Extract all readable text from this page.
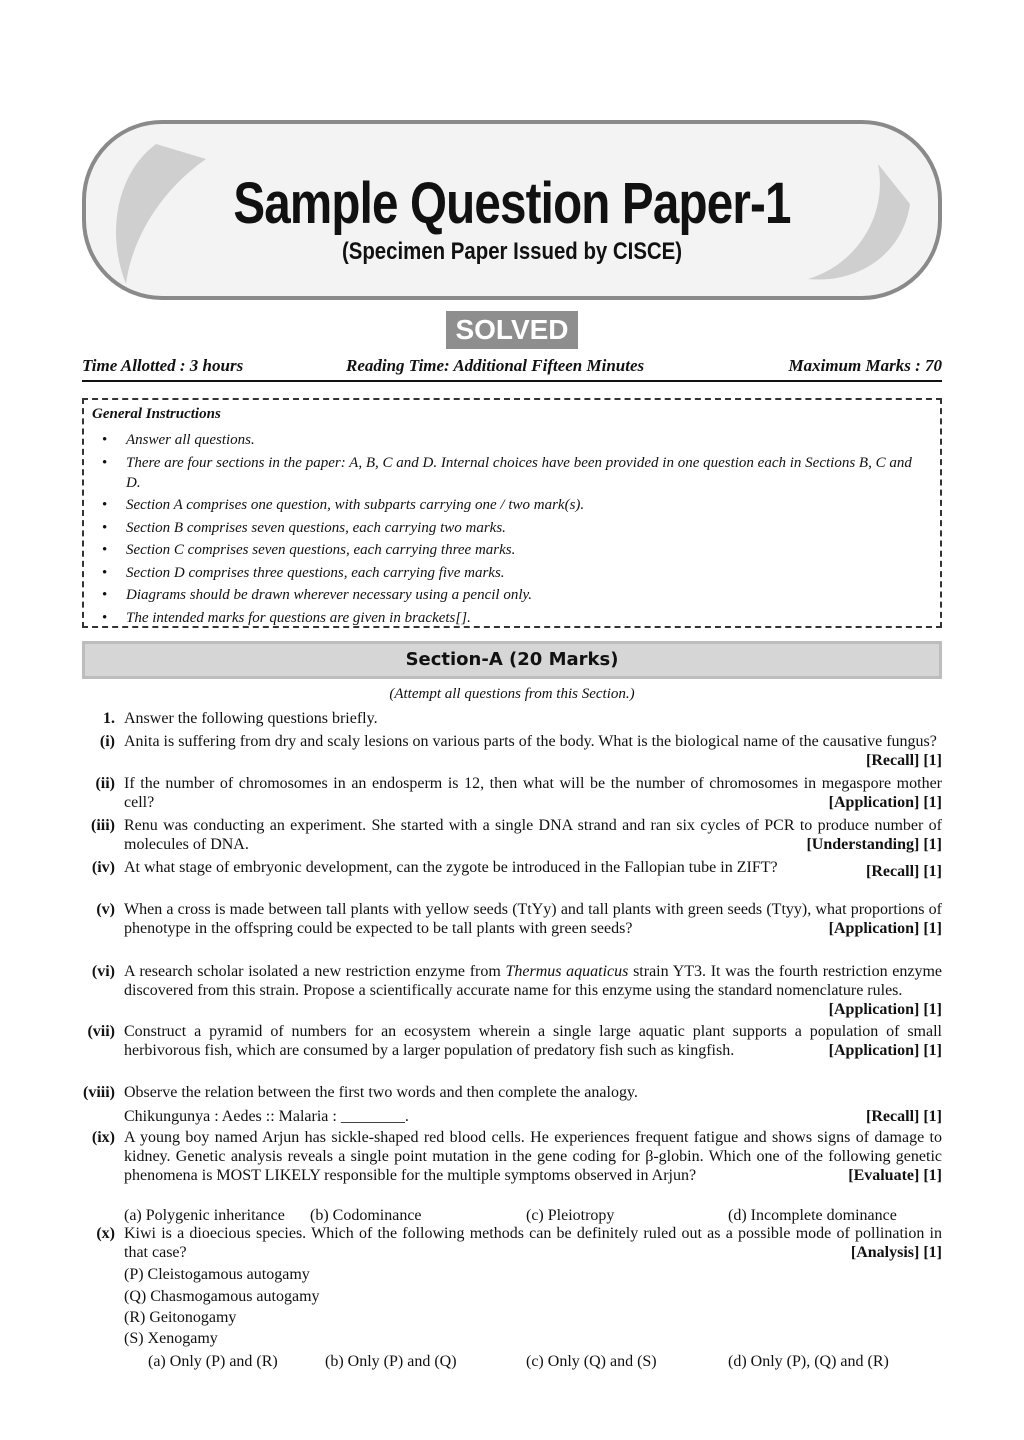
Sample Question Paper-1
(Specimen Paper Issued by CISCE)
SOLVED
Time Allotted : 3 hours	Reading Time: Additional Fifteen Minutes	Maximum Marks : 70
General Instructions
• Answer all questions.
• There are four sections in the paper: A, B, C and D. Internal choices have been provided in one question each in Sections B, C and D.
• Section A comprises one question, with subparts carrying one / two mark(s).
• Section B comprises seven questions, each carrying two marks.
• Section C comprises seven questions, each carrying three marks.
• Section D comprises three questions, each carrying five marks.
• Diagrams should be drawn wherever necessary using a pencil only.
• The intended marks for questions are given in brackets[].
Section-A (20 Marks)
(Attempt all questions from this Section.)
1. Answer the following questions briefly.
(i) Anita is suffering from dry and scaly lesions on various parts of the body. What is the biological name of the causative fungus?
[Recall] [1]
(ii) If the number of chromosomes in an endosperm is 12, then what will be the number of chromosomes in megaspore mother cell?	[Application] [1]
(iii) Renu was conducting an experiment. She started with a single DNA strand and ran six cycles of PCR to produce number of molecules of DNA.	[Understanding] [1]
(iv) At what stage of embryonic development, can the zygote be introduced in the Fallopian tube in ZIFT?	[Recall] [1]
(v) When a cross is made between tall plants with yellow seeds (TtYy) and tall plants with green seeds (Ttyy), what proportions of phenotype in the offspring could be expected to be tall plants with green seeds?	[Application] [1]
(vi) A research scholar isolated a new restriction enzyme from Thermus aquaticus strain YT3. It was the fourth restriction enzyme discovered from this strain. Propose a scientifically accurate name for this enzyme using the standard nomenclature rules.
[Application] [1]
(vii) Construct a pyramid of numbers for an ecosystem wherein a single large aquatic plant supports a population of small herbivorous fish, which are consumed by a larger population of predatory fish such as kingfish.	[Application] [1]
(viii) Observe the relation between the first two words and then complete the analogy.
Chikungunya : Aedes :: Malaria : ________.	[Recall] [1]
(ix) A young boy named Arjun has sickle-shaped red blood cells. He experiences frequent fatigue and shows signs of damage to kidney. Genetic analysis reveals a single point mutation in the gene coding for β-globin. Which one of the following genetic phenomena is MOST LIKELY responsible for the multiple symptoms observed in Arjun?	[Evaluate] [1]
(a) Polygenic inheritance (b) Codominance	(c) Pleiotropy	(d) Incomplete dominance
(x) Kiwi is a dioecious species. Which of the following methods can be definitely ruled out as a possible mode of pollination in that case?	[Analysis] [1]
(P) Cleistogamous autogamy
(Q) Chasmogamous autogamy
(R) Geitonogamy
(S) Xenogamy
(a) Only (P) and (R)	(b) Only (P) and (Q)	(c) Only (Q) and (S)	(d) Only (P), (Q) and (R)
